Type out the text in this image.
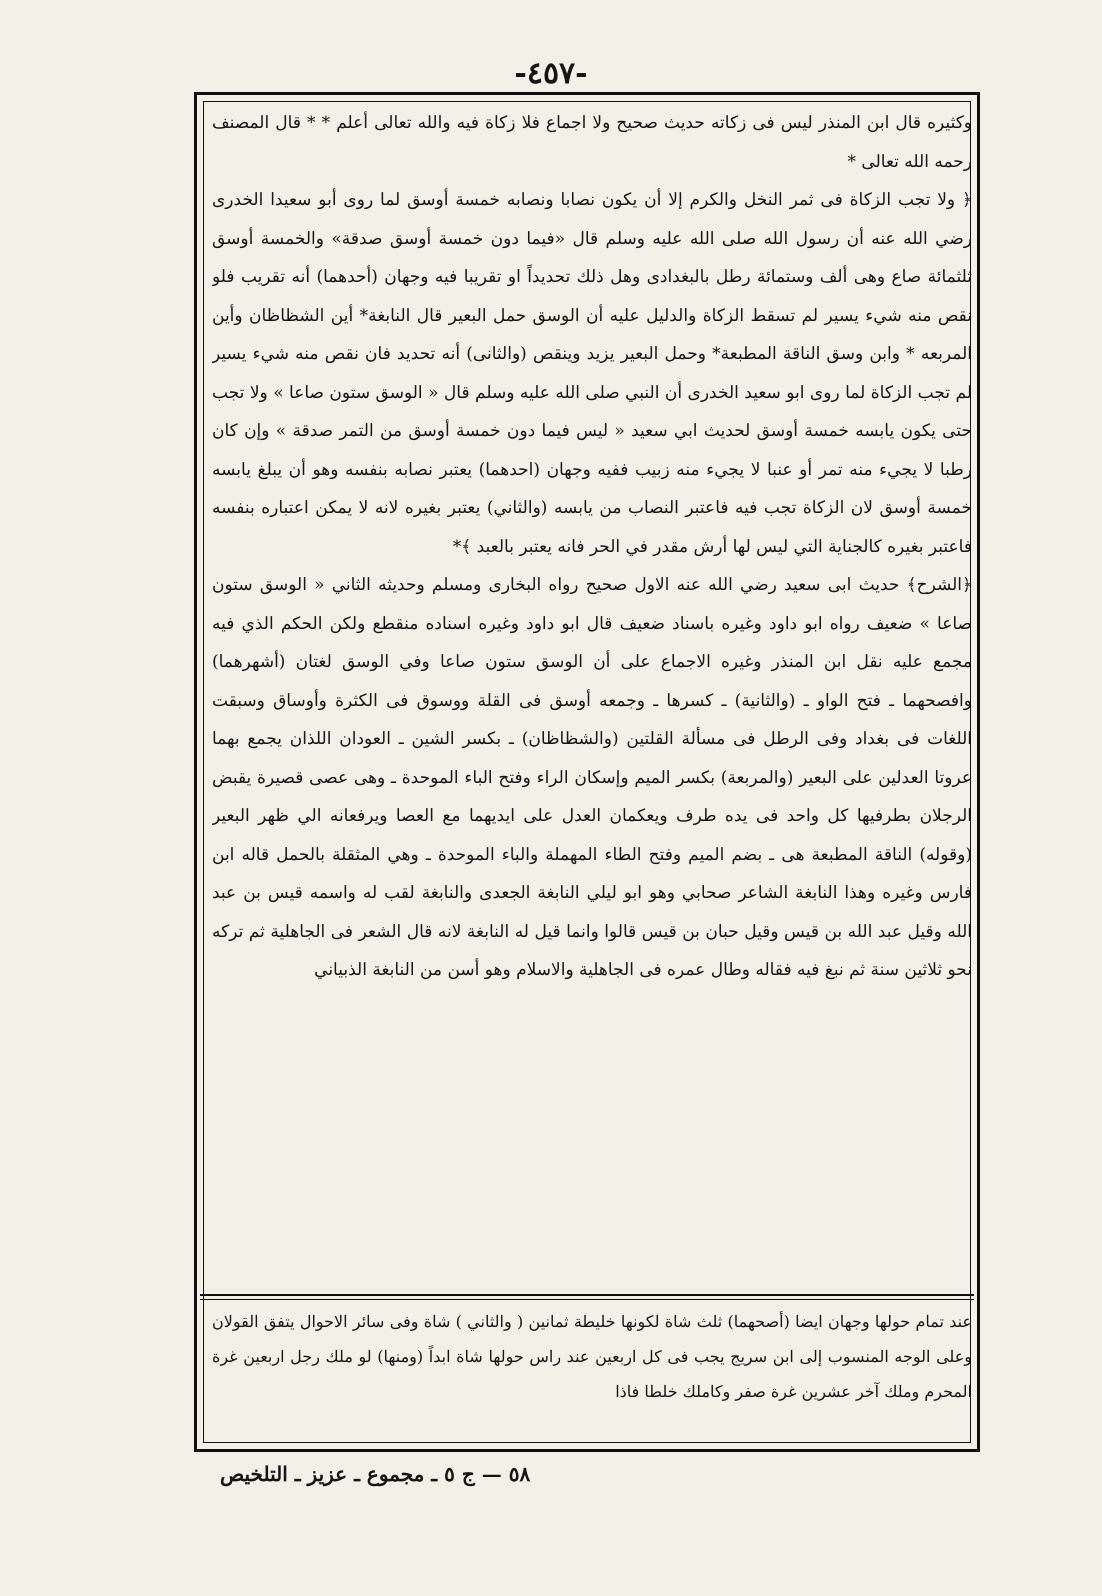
-٤٥٧-

وكثيره قال ابن المنذر ليس فى زكاته حديث صحيح ولا اجماع فلا زكاة فيه والله تعالى أعلم * * قال المصنف رحمه الله تعالى *

﴿ ولا تجب الزكاة فى ثمر النخل والكرم إلا أن يكون نصابا ونصابه خمسة أوسق لما روى أبو سعيدا الخدرى رضي الله عنه أن رسول الله صلى الله عليه وسلم قال «فيما دون خمسة أوسق صدقة» والخمسة أوسق ثلثمائة صاع وهى ألف وستمائة رطل بالبغدادى وهل ذلك تحديداً او تقريبا فيه وجهان (أحدهما) أنه تقريب فلو نقص منه شيء يسير لم تسقط الزكاة والدليل عليه أن الوسق حمل البعير قال النابغة* أين الشظاظان وأين المربعه * وابن وسق الناقة المطبعة* وحمل البعير يزيد وينقص (والثانى) أنه تحديد فان نقص منه شيء يسير لم تجب الزكاة لما روى ابو سعيد الخدرى أن النبي صلى الله عليه وسلم قال « الوسق ستون صاعا » ولا تجب حتى يكون يابسه خمسة أوسق لحديث ابي سعيد « ليس فيما دون خمسة أوسق من التمر صدقة » وإن كان رطبا لا يجيء منه تمر أو عنبا لا يجيء منه زبيب ففيه وجهان (احدهما) يعتبر نصابه بنفسه وهو أن يبلغ يابسه خمسة أوسق لان الزكاة تجب فيه فاعتبر النصاب من يابسه (والثاني) يعتبر بغيره لانه لا يمكن اعتباره بنفسه فاعتبر بغيره كالجناية التي ليس لها أرش مقدر في الحر فانه يعتبر بالعبد ﴾*

﴿الشرح﴾ حديث ابى سعيد رضي الله عنه الاول صحيح رواه البخارى ومسلم وحديثه الثاني « الوسق ستون صاعا » ضعيف رواه ابو داود وغيره باسناد ضعيف قال ابو داود وغيره اسناده منقطع ولكن الحكم الذي فيه مجمع عليه نقل ابن المنذر وغيره الاجماع على أن الوسق ستون صاعا وفي الوسق لغتان (أشهرهما) وافصحهما ـ فتح الواو ـ (والثانية) ـ كسرها ـ وجمعه أوسق فى القلة ووسوق فى الكثرة وأوساق وسبقت اللغات فى بغداد وفى الرطل فى مسألة القلتين (والشظاظان) ـ بكسر الشين ـ العودان اللذان يجمع بهما عروتا العدلين على البعير (والمربعة) بكسر الميم وإسكان الراء وفتح الباء الموحدة ـ وهى عصى قصيرة يقبض الرجلان بطرفيها كل واحد فى يده طرف ويعكمان العدل على ايديهما مع العصا ويرفعانه الي ظهر البعير (وقوله) الناقة المطبعة هى ـ بضم الميم وفتح الطاء المهملة والباء الموحدة ـ وهي المثقلة بالحمل قاله ابن فارس وغيره وهذا النابغة الشاعر صحابي وهو ابو ليلي النابغة الجعدى والنابغة لقب له واسمه قيس بن عبد الله وقيل عبد الله بن قيس وقيل حبان بن قيس قالوا وانما قيل له النابغة لانه قال الشعر فى الجاهلية ثم تركه نحو ثلاثين سنة ثم نبغ فيه فقاله وطال عمره فى الجاهلية والاسلام وهو أسن من النابغة الذبياني

عند تمام حولها وجهان ايضا (أصحهما) ثلث شاة لكونها خليطة ثمانين ( والثاني ) شاة وفى سائر الاحوال يتفق القولان وعلى الوجه المنسوب إلى ابن سريج يجب فى كل اربعين عند راس حولها شاة ابداً (ومنها) لو ملك رجل اربعين غرة المحرم وملك آخر عشرين غرة صفر وكاملك خلطا فاذا

٥٨ — ج ٥ ـ مجموع ـ عزيز ـ التلخيص
